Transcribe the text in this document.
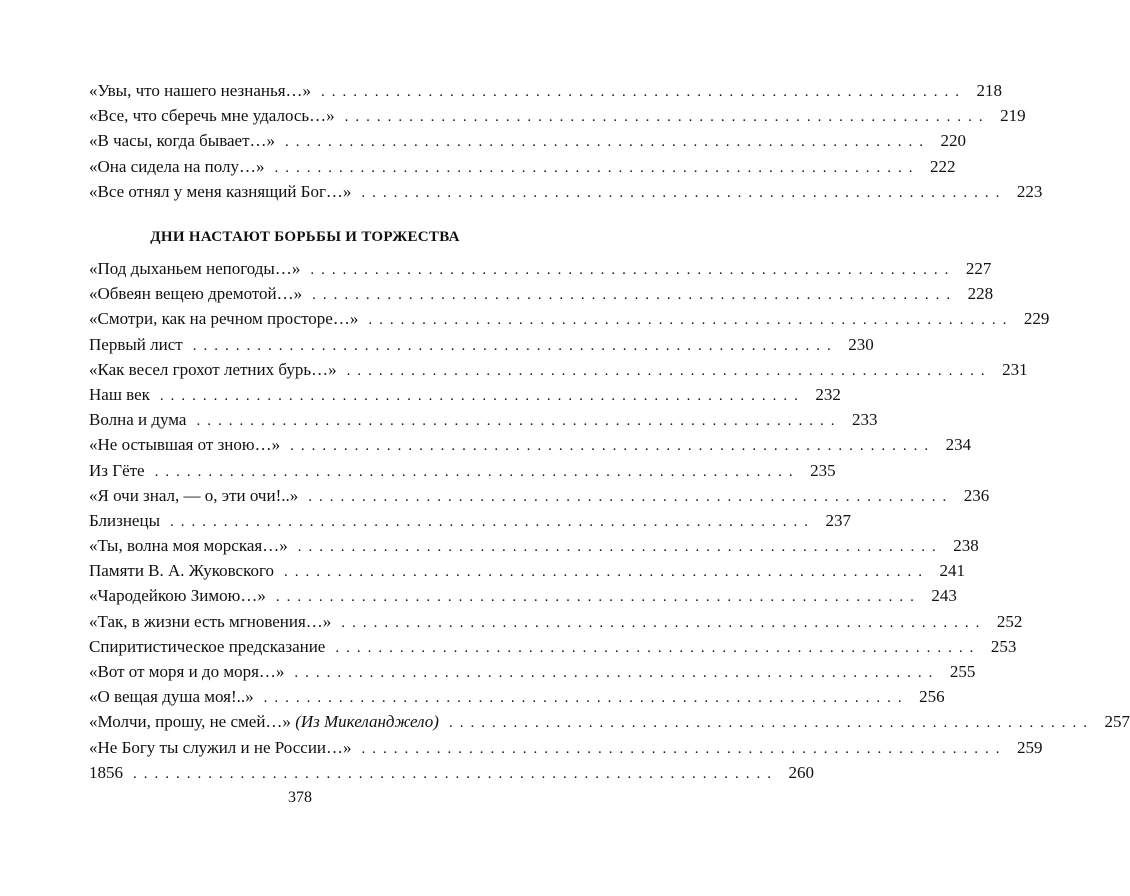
«Увы, что нашего незнанья…» ............................................................ 218
«Все, что сберечь мне удалось…» ............................................................ 219
«В часы, когда бывает…» ............................................................ 220
«Она сидела на полу…» ............................................................ 222
«Все отнял у меня казнящий Бог…» ............................................................ 223
ДНИ НАСТАЮТ БОРЬБЫ И ТОРЖЕСТВА
«Под дыханьем непогоды…» ............................................................ 227
«Обвеян вещею дремотой…» ............................................................ 228
«Смотри, как на речном просторе…» ............................................................ 229
Первый лист ............................................................ 230
«Как весел грохот летних бурь…» ............................................................ 231
Наш век ............................................................ 232
Волна и дума ............................................................ 233
«Не остывшая от зною…» ............................................................ 234
Из Гёте ............................................................ 235
«Я очи знал, — о, эти очи!..» ............................................................ 236
Близнецы ............................................................ 237
«Ты, волна моя морская…» ............................................................ 238
Памяти В. А. Жуковского ............................................................ 241
«Чародейкою Зимою…» ............................................................ 243
«Так, в жизни есть мгновения…» ............................................................ 252
Спиритистическое предсказание ............................................................ 253
«Вот от моря и до моря…» ............................................................ 255
«О вещая душа моя!..» ............................................................ 256
«Молчи, прошу, не смей…» (Из Микеланджело) ............................................................ 257
«Не Богу ты служил и не России…» ............................................................ 259
1856 ............................................................ 260
378
